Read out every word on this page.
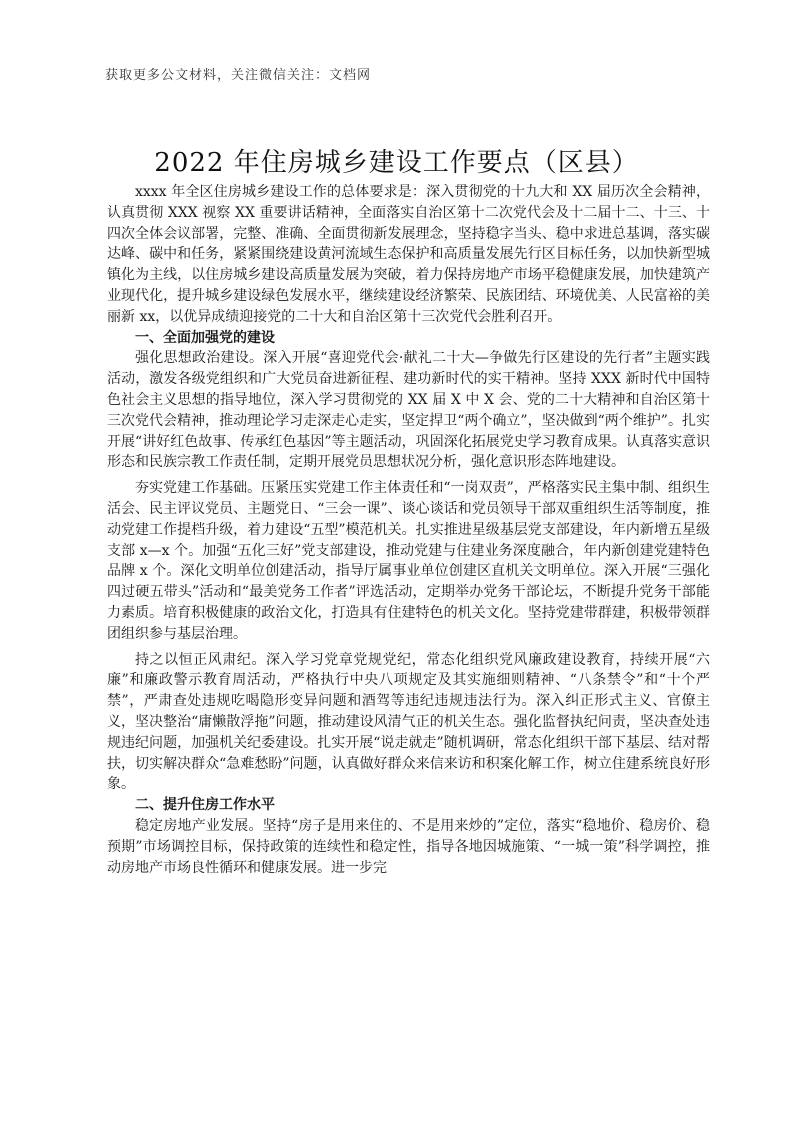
获取更多公文材料，关注微信关注：文档网
2022 年住房城乡建设工作要点（区县）

xxxx 年全区住房城乡建设工作的总体要求是：深入贯彻党的十九大和 XX 届历次全会精神，认真贯彻 XXX 视察 XX 重要讲话精神，全面落实自治区第十二次党代会及十二届十二、十三、十四次全体会议部署，完整、准确、全面贯彻新发展理念，坚持稳字当头、稳中求进总基调，落实碳达峰、碳中和任务，紧紧围绕建设黄河流域生态保护和高质量发展先行区目标任务，以加快新型城镇化为主线，以住房城乡建设高质量发展为突破，着力保持房地产市场平稳健康发展，加快建筑产业现代化，提升城乡建设绿色发展水平，继续建设经济繁荣、民族团结、环境优美、人民富裕的美丽新 xx，以优异成绩迎接党的二十大和自治区第十三次党代会胜利召开。

一、全面加强党的建设

强化思想政治建设。深入开展“喜迎党代会·献礼二十大—争做先行区建设的先行者”主题实践活动，激发各级党组织和广大党员奋进新征程、建功新时代的实干精神。坚持 XXX 新时代中国特色社会主义思想的指导地位，深入学习贯彻党的 XX 届 X 中 X 会、党的二十大精神和自治区第十三次党代会精神，推动理论学习走深走心走实，坚定捍卫“两个确立”，坚决做到“两个维护”。扎实开展“讲好红色故事、传承红色基因”等主题活动，巩固深化拓展党史学习教育成果。认真落实意识形态和民族宗教工作责任制，定期开展党员思想状况分析，强化意识形态阵地建设。

夯实党建工作基础。压紧压实党建工作主体责任和“一岗双责”，严格落实民主集中制、组织生活会、民主评议党员、主题党日、“三会一课”、谈心谈话和党员领导干部双重组织生活等制度，推动党建工作提档升级，着力建设“五型”模范机关。扎实推进星级基层党支部建设，年内新增五星级支部 x—x 个。加强“五化三好”党支部建设，推动党建与住建业务深度融合，年内新创建党建特色品牌 x 个。深化文明单位创建活动，指导厅属事业单位创建区直机关文明单位。深入开展“三强化四过硬五带头”活动和“最美党务工作者”评选活动，定期举办党务干部论坛，不断提升党务干部能力素质。培育积极健康的政治文化，打造具有住建特色的机关文化。坚持党建带群建，积极带领群团组织参与基层治理。

持之以恒正风肃纪。深入学习党章党规党纪，常态化组织党风廉政建设教育，持续开展“六廉”和廉政警示教育周活动，严格执行中央八项规定及其实施细则精神、“八条禁令”和“十个严禁”，严肃查处违规吃喝隐形变异问题和酒驾等违纪违规违法行为。深入纠正形式主义、官僚主义，坚决整治“庸懒散浮拖”问题，推动建设风清气正的机关生态。强化监督执纪问责，坚决查处违规违纪问题，加强机关纪委建设。扎实开展“说走就走”随机调研，常态化组织干部下基层、结对帮扶，切实解决群众“急难愁盼”问题，认真做好群众来信来访和积案化解工作，树立住建系统良好形象。

二、提升住房工作水平

稳定房地产业发展。坚持“房子是用来住的、不是用来炒的”定位，落实“稳地价、稳房价、稳预期”市场调控目标，保持政策的连续性和稳定性，指导各地因城施策、“一城一策”科学调控，推动房地产市场良性循环和健康发展。进一步完
